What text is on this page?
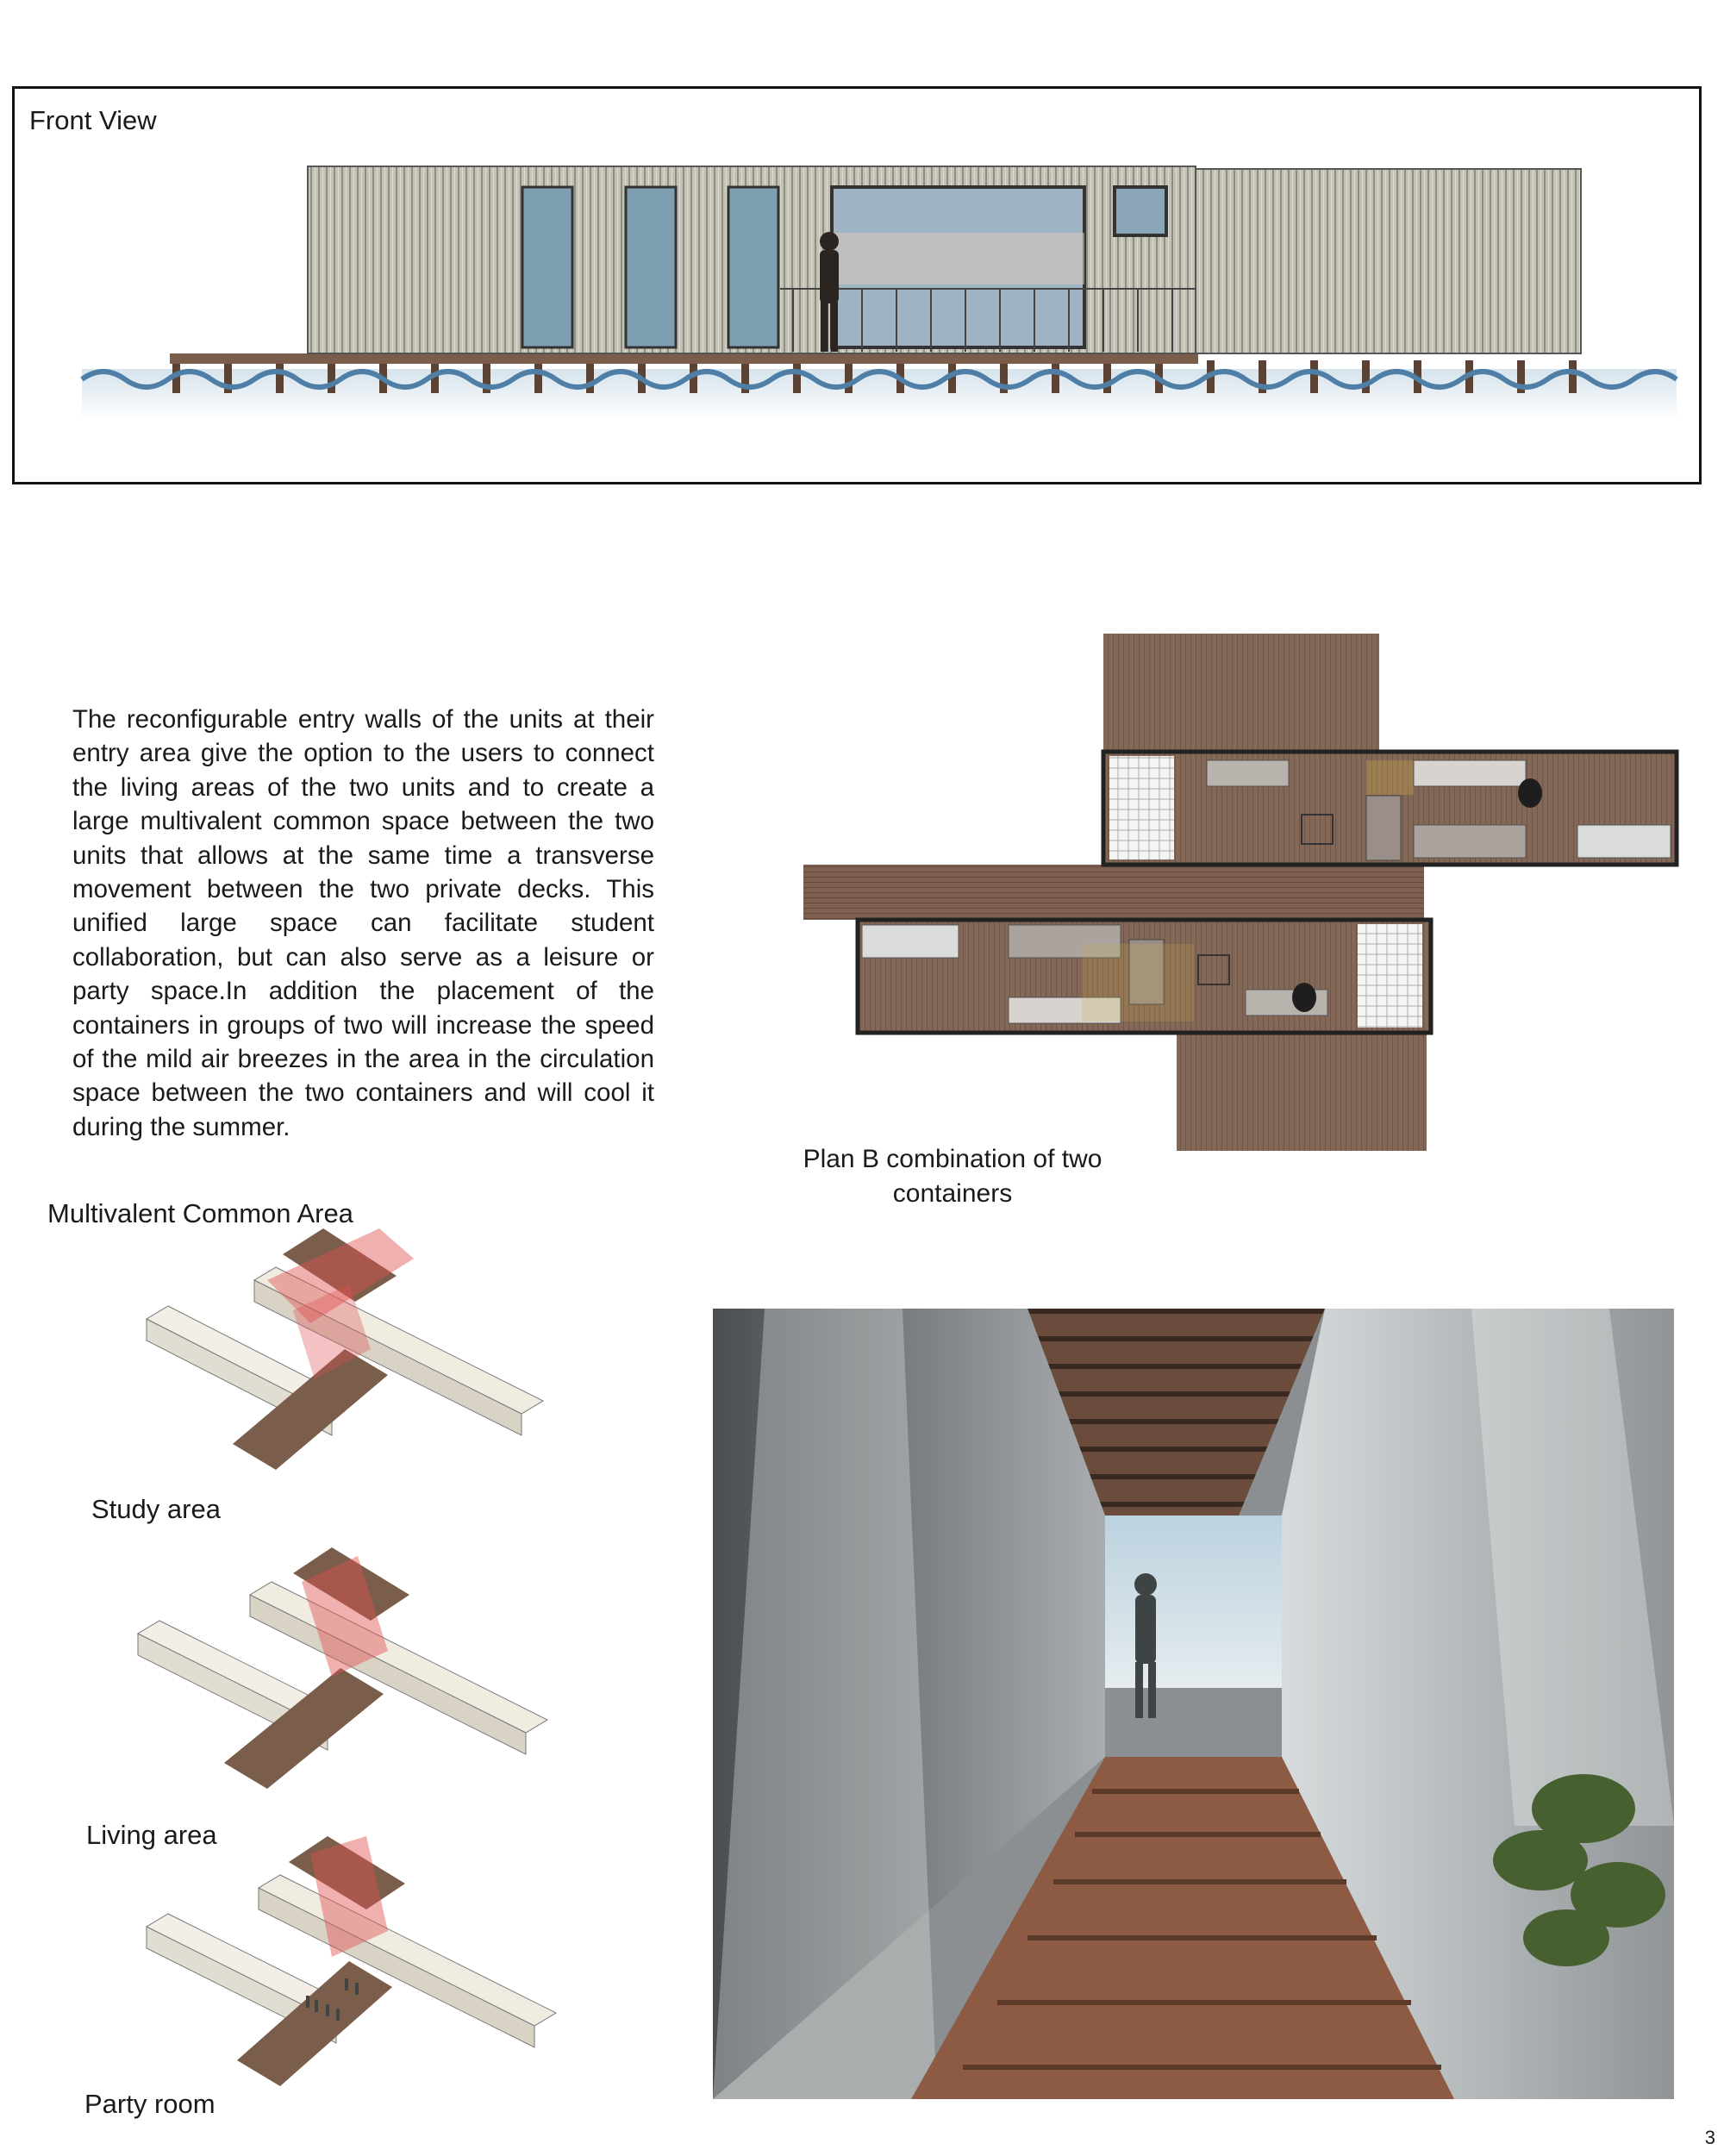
Front View
The reconfigurable entry walls of the units at their entry area give the option to the users to connect the living areas of the two units and to create a large multivalent common space between the two units that allows at the same time a transverse movement between the two private decks. This unified large space can facilitate student collaboration, but can also serve as a leisure or party space.In addition the placement of the containers in groups of two will increase the speed of the mild air breezes in the area in the circulation space between the two containers and will cool it during the summer.
Plan B combination of two containers
Multivalent Common Area
Study area
Living area
Party room
3
